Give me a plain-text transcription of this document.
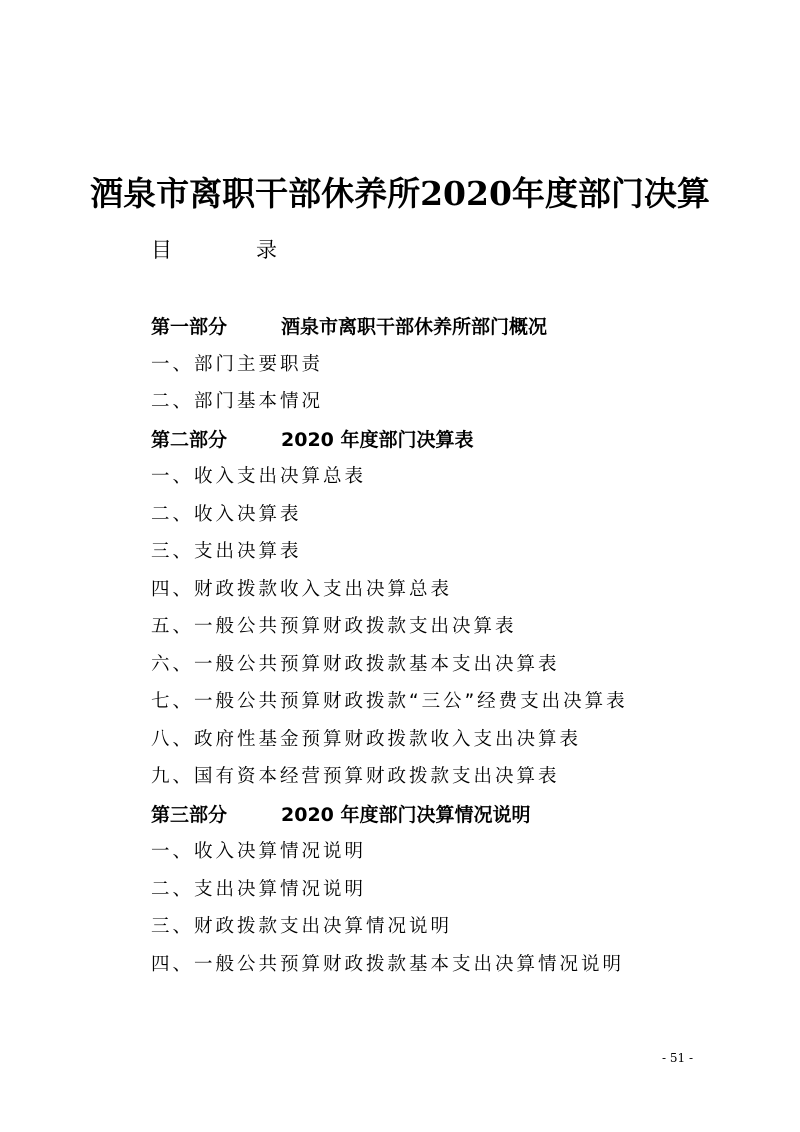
酒泉市离职干部休养所2020年度部门决算
目	录
第一部分	酒泉市离职干部休养所部门概况
一、部门主要职责
二、部门基本情况
第二部分	2020 年度部门决算表
一、收入支出决算总表
二、收入决算表
三、支出决算表
四、财政拨款收入支出决算总表
五、一般公共预算财政拨款支出决算表
六、一般公共预算财政拨款基本支出决算表
七、一般公共预算财政拨款“三公”经费支出决算表
八、政府性基金预算财政拨款收入支出决算表
九、国有资本经营预算财政拨款支出决算表
第三部分	2020 年度部门决算情况说明
一、收入决算情况说明
二、支出决算情况说明
三、财政拨款支出决算情况说明
四、一般公共预算财政拨款基本支出决算情况说明
- 51 -
